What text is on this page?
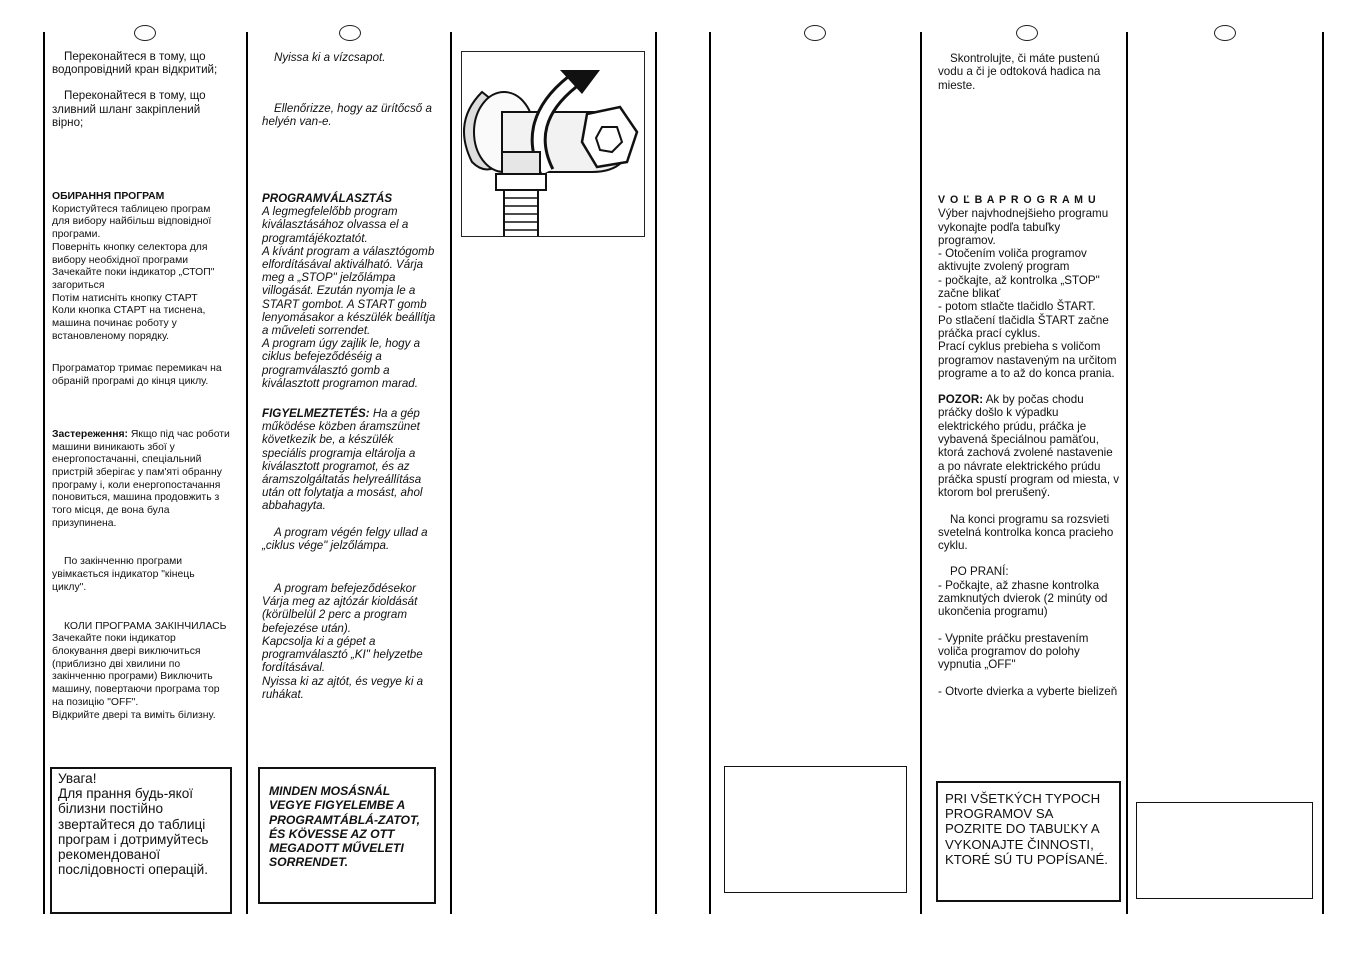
Переконайтеся в тому, що водопровідний кран відкритий;

Переконайтеся в тому, що зливний шланг закріплений вірно;

ОБИРАННЯ ПРОГРАМ

Користуйтеся таблицею програм для вибору найбільш відповідної програми.
Поверніть кнопку селектора для вибору необхідної програми
Зачекайте поки індикатор „СТОП" загориться
Потім натисніть кнопку СТАРТ
Коли кнопка СТАРТ на тиснена, машина починає роботу у встановленому порядку.

Програматор тримає перемикач на обраній програмі до кінця циклу.

Застереження: Якщо під час роботи машини виникають збої у енергопостачанні, спеціальний пристрій зберігає у пам'яті обранну програму і, коли енергопостачання поновиться, машина продовжить з того місця, де вона була призупинена.

По закінченню програми увімкається індикатор "кінець циклу".

КОЛИ ПРОГРАМА ЗАКІНЧИЛАСЬ

Зачекайте поки індикатор блокування двері виключиться (приблизно дві хвилини по закінченню програми) Виключить машину, повертаючи програма тор на позицію "OFF".
Відкрийте двері та виміть білизну.

Увага!
Для прання будь-якої білизни постійно звертайтеся до таблиці програм і дотримуйтесь рекомендованої послідовності операцій.

Nyissa ki a vízcsapot.

Ellenőrizze, hogy az ürítőcső a helyén van-e.

PROGRAMVÁLASZTÁS

A legmegfelelőbb program kiválasztásához olvassa el a programtájékoztatót.
A kívánt program a választógomb elfordításával aktiválható. Várja meg a „STOP" jelzőlámpa villogását. Ezután nyomja le a START gombot. A START gomb lenyomásakor a készülék beállítja a műveleti sorrendet.
A program úgy zajlik le, hogy a ciklus befejeződéséig a programválasztó gomb a kiválasztott programon marad.

FIGYELMEZTETÉS: Ha a gép működése közben áramszünet következik be, a készülék speciális programja eltárolja a kiválasztott programot, és az áramszolgáltatás helyreállítása után ott folytatja a mosást, ahol abbahagyta.

A program végén felgy ullad a „ciklus vége" jelzőlámpa.

A program befejeződésekor Várja meg az ajtózár kioldását (körülbelül 2 perc a program befejezése után).
Kapcsolja ki a gépet a programválasztó „KI" helyzetbe fordításával.
Nyissa ki az ajtót, és vegye ki a ruhákat.

MINDEN MOSÁSNÁL VEGYE FIGYELEMBE A PROGRAMTÁBLÁ-ZATOT, ÉS KÖVESSE AZ OTT MEGADOTT MŰVELETI SORRENDET.

Skontrolujte, či máte pustenú vodu a či je odtoková hadica na mieste.

V O Ľ B A P R O G R A M U

Výber najvhodnejšieho programu vykonajte podľa tabuľky programov.
- Otočením voliča programov aktivujte zvolený program
- počkajte, až kontrolka „STOP" začne blikať
- potom stlačte tlačidlo ŠTART.
Po stlačení tlačidla ŠTART začne práčka prací cyklus.
Prací cyklus prebieha s voličom programov nastaveným na určitom programe a to až do konca prania.

POZOR: Ak by počas chodu práčky došlo k výpadku elektrického prúdu, práčka je vybavená špeciálnou pamäťou, ktorá zachová zvolené nastavenie a po návrate elektrického prúdu práčka spustí program od miesta, v ktorom bol prerušený.

Na konci programu sa rozsvieti svetelná kontrolka konca pracieho cyklu.

PO PRANÍ:

- Počkajte, až zhasne kontrolka zamknutých dvierok (2 minúty od ukončenia programu)

- Vypnite práčku prestavením voliča programov do polohy vypnutia „OFF"

- Otvorte dvierka a vyberte bielizeň

PRI VŠETKÝCH TYPOCH PROGRAMOV SA POZRITE DO TABUĽKY A VYKONAJTE ČINNOSTI, KTORÉ SÚ TU POPÍSANÉ.
